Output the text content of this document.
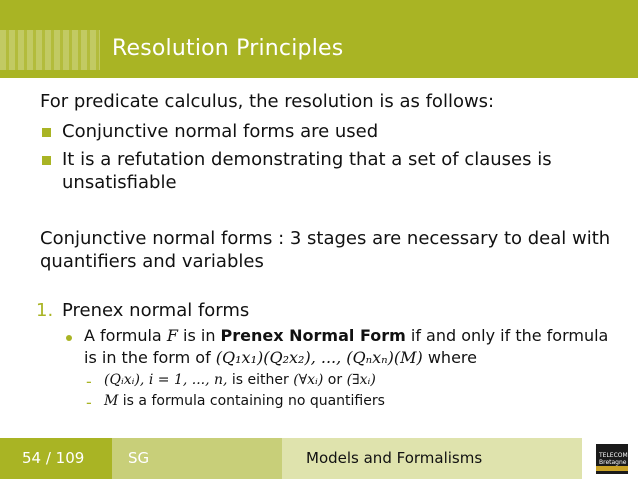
Resolution Principles
For predicate calculus, the resolution is as follows:
Conjunctive normal forms are used
It is a refutation demonstrating that a set of clauses is
unsatisfiable
Conjunctive normal forms : 3 stages are necessary to deal with
quantifiers and variables
1. Prenex normal forms
A formula F is in Prenex Normal Form if and only if the formula
is in the form of (Q₁x₁)(Q₂x₂), ..., (Qₙxₙ)(M) where
- (Qᵢxᵢ), i = 1, ..., n, is either (∀xᵢ) or (∃xᵢ)
- M is a formula containing no quantifiers
54 / 109	SG	Models and Formalisms	TELECOM Bretagne
